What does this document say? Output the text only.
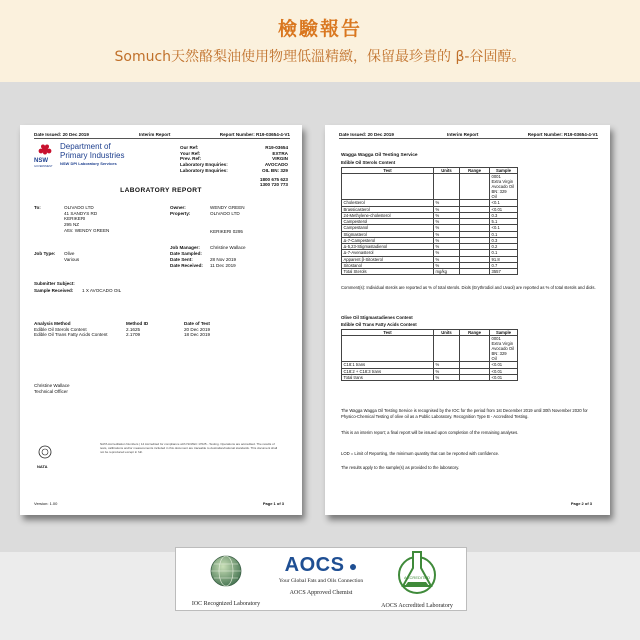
檢驗報告
Somuch天然酪梨油使用物理低溫精緻，保留最珍貴的 β-谷固醇。
Date Issued: 20 Dec 2019	Interim Report	Report Number: R19-03654-4-V1
NSW
GOVERNMENT
Department of
Primary Industries
NSW DPI Laboratory Services
Our Ref:	R19-03654
Your Ref:	EXTRA
Prev. Ref:	VIRGIN
Laboratory Enquiries:	AVOCADO
Laboratory Enquiries:	OIL BN: 329
1800 675 623
1300 720 773
LABORATORY REPORT
To:	OLIVADO LTD
41 SANDYS RD
KERIKERI
295 NZ
Attn: WENDY GREEN
Owner:	WENDY GREEN
Property:	OLIVADO LTD
KERIKERI 0295
Job Type: Olive
Various
Job Manager: Christine Wallace
Date Sampled:
Date Sent:	28 Nov 2019
Date Received: 11 Dec 2019
Submitter Subject:
Sample Received: 1 X AVOCADO OIL
Analysis Method	Method ID	Date of Test
Edible Oil Sterols Content	2.1625	20 Dec 2019
Edible Oil Trans Fatty Acids Content	2.1709	18 Dec 2019
Christine Wallace
Technical Officer
NATA
NATA Accreditation Numbers | 14 Accredited for compliance with ISO/IEC 17025 - Testing. Operations are accredited. The results of tests, calibrations and/or measurements included in this document are traceable to Australian/national standards. This document shall not be reproduced except in full.
Version: 1.00	Page 1 of 3
Date Issued: 20 Dec 2019	Interim Report	Report Number: R19-03654-4-V1
Wagga Wagga Oil Testing Service
Edible Oil Sterols Content
Test	Units	Range	Sample

			0001
Extra Virgin
Avocado Oil
BN: 329
Oil

Cholesterol	%		<0.1
Brassicasterol	%		<0.01
24-Methylene-cholesterol	%		0.3
Campesterol	%		5.1
Campestanol	%		<0.1
Stigmasterol	%		0.1
Δ-7-Campesterol	%		0.3
Δ-5,23-Stigmastadienol	%		0.2
Δ-7-Avenasterol	%		0.1
Apparent β-Sitosterol	%		91.8
Sitostanol	%		0.7
Total Sterols	mg/kg		3557
Comment(s): Individual sterols are reported as % of total sterols. Diols (Erythrodiol and Uvaol) are reported as % of total sterols and diols.
Olive Oil Stigmastadienes Content
Edible Oil Trans Fatty Acids Content
Test	Units	Range	Sample

			0001
Extra Virgin
Avocado Oil
BN: 329
Oil

C18:1 trans	%		<0.01
C18:2 + C18:3 trans	%		<0.01
Total trans	%		<0.01
The Wagga Wagga Oil Testing Service is recognised by the IOC for the period from 1st December 2019 until 30th November 2020 for Physico-Chemical Testing of olive oil as a Public Laboratory. Recognition Type B - Accredited Testing.
This is an interim report; a final report will be issued upon completion of the remaining analyses.
LOD = Limit of Reporting, the minimum quantity that can be reported with confidence.
The results apply to the sample(s) as provided to the laboratory.
Page 2 of 3
IOC Recognized Laboratory
AOCS ●
Your Global Fats and Oils Connection
AOCS Approved Chemist
ACCREDITED
AOCS Accredited Laboratory
